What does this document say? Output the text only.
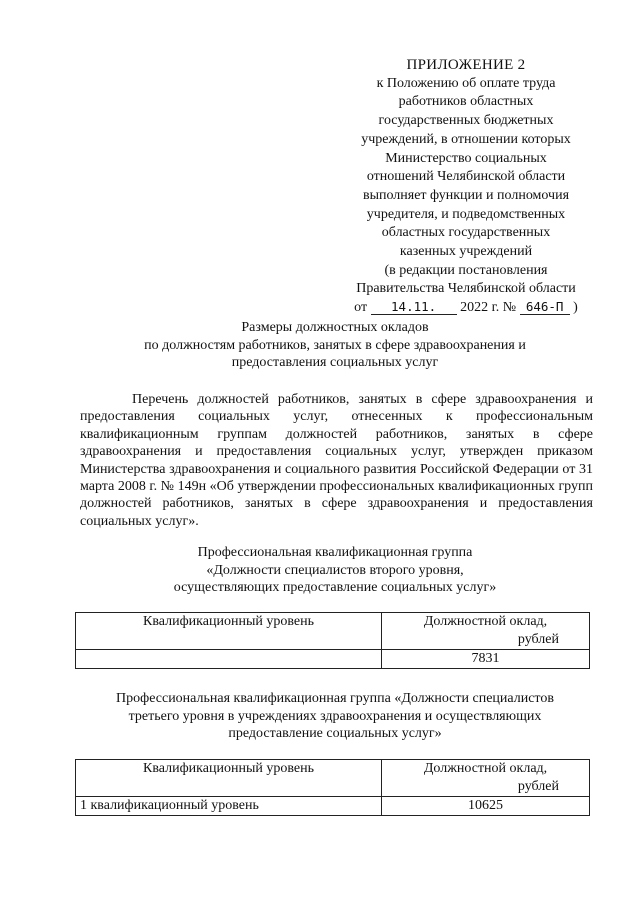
ПРИЛОЖЕНИЕ 2
к Положению об оплате труда
работников областных
государственных бюджетных
учреждений, в отношении которых
Министерство социальных
отношений Челябинской области
выполняет функции и полномочия
учредителя, и подведомственных
областных государственных
казенных учреждений
(в редакции постановления
Правительства Челябинской области
от 14.11. 2022 г. № 646-П )
Размеры должностных окладов
по должностям работников, занятых в сфере здравоохранения и
предоставления социальных услуг

Перечень должностей работников, занятых в сфере здравоохранения и предоставления социальных услуг, отнесенных к профессиональным квалификационным группам должностей работников, занятых в сфере здравоохранения и предоставления социальных услуг, утвержден приказом Министерства здравоохранения и социального развития Российской Федерации от 31 марта 2008 г. № 149н «Об утверждении профессиональных квалификационных групп должностей работников, занятых в сфере здравоохранения и предоставления социальных услуг».

Профессиональная квалификационная группа
«Должности специалистов второго уровня,
осуществляющих предоставление социальных услуг»
Квалификационный уровень	Должностной оклад,
рублей

	7831
Профессиональная квалификационная группа «Должности специалистов
третьего уровня в учреждениях здравоохранения и осуществляющих
предоставление социальных услуг»
Квалификационный уровень	Должностной оклад,
рублей

1 квалификационный уровень	10625
